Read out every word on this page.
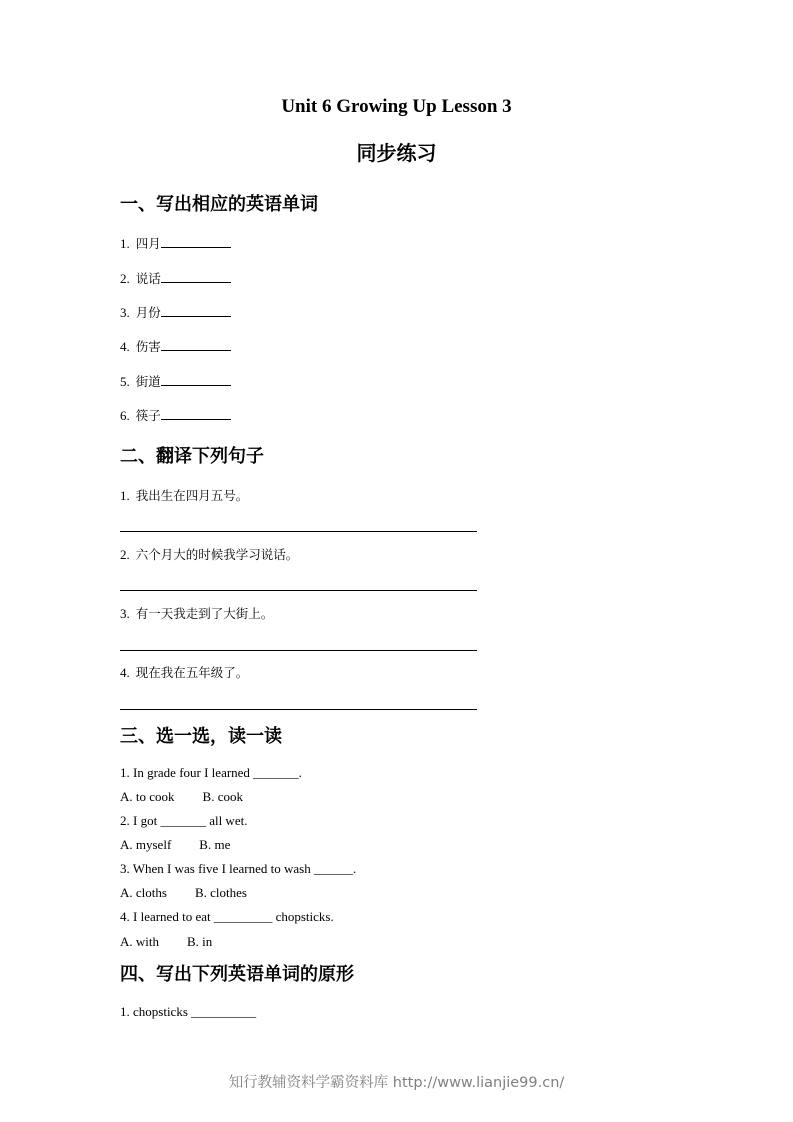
Unit 6 Growing Up Lesson 3
同步练习
一、写出相应的英语单词
1. 四月
2. 说话
3. 月份
4. 伤害
5. 街道
6. 筷子
二、翻译下列句子
1. 我出生在四月五号。
2. 六个月大的时候我学习说话。
3. 有一天我走到了大街上。
4. 现在我在五年级了。
三、选一选，读一读
1. In grade four I learned _______.
A. to cook B. cook
2. I got _______ all wet.
A. myself B. me
3. When I was five I learned to wash ______.
A. cloths B. clothes
4. I learned to eat _________ chopsticks.
A. with B. in
四、写出下列英语单词的原形
1. chopsticks __________
知行教辅资料学霸资料库 http://www.lianjie99.cn/
